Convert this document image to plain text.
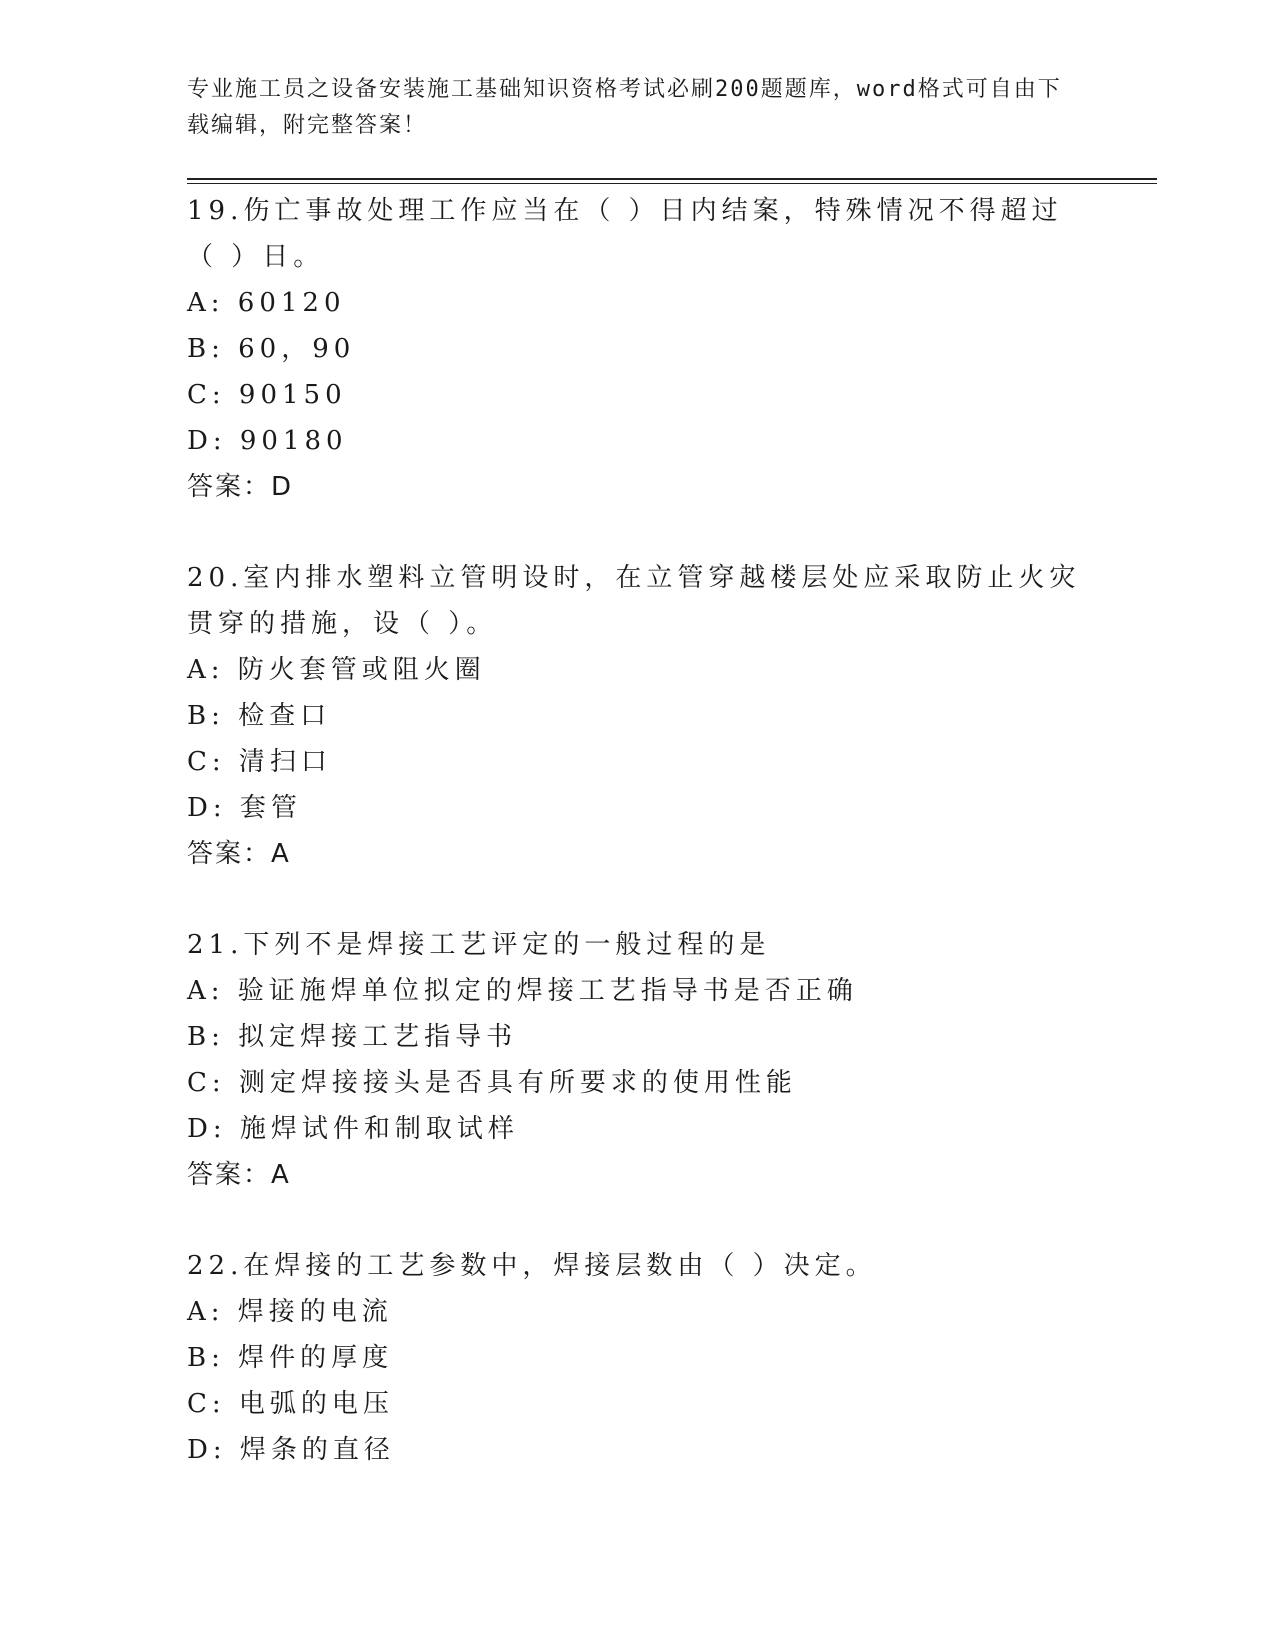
专业施工员之设备安装施工基础知识资格考试必刷200题题库，word格式可自由下载编辑，附完整答案！

19.伤亡事故处理工作应当在（ ）日内结案，特殊情况不得超过（ ）日。

A: 60120

B: 60，90

C: 90150

D: 90180

答案：D

20.室内排水塑料立管明设时，在立管穿越楼层处应采取防止火灾贯穿的措施，设（ ）。

A: 防火套管或阻火圈

B: 检查口

C: 清扫口

D: 套管

答案：A

21.下列不是焊接工艺评定的一般过程的是

A: 验证施焊单位拟定的焊接工艺指导书是否正确

B: 拟定焊接工艺指导书

C: 测定焊接接头是否具有所要求的使用性能

D: 施焊试件和制取试样

答案：A

22.在焊接的工艺参数中，焊接层数由（ ）决定。

A: 焊接的电流

B: 焊件的厚度

C: 电弧的电压

D: 焊条的直径
